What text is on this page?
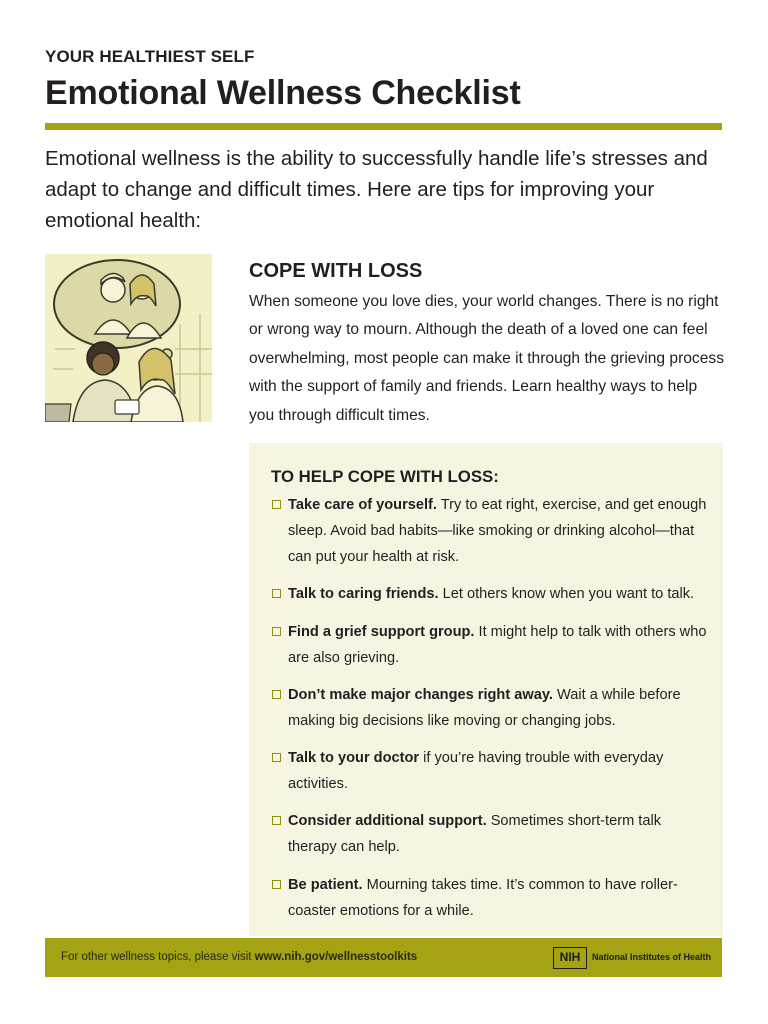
YOUR HEALTHIEST SELF
Emotional Wellness Checklist

Emotional wellness is the ability to successfully handle life’s stresses and adapt to change and difficult times. Here are tips for improving your emotional health:

COPE WITH LOSS

When someone you love dies, your world changes. There is no right or wrong way to mourn. Although the death of a loved one can feel overwhelming, most people can make it through the grieving process with the support of family and friends. Learn healthy ways to help you through difficult times.

TO HELP COPE WITH LOSS:
Take care of yourself. Try to eat right, exercise, and get enough sleep. Avoid bad habits—like smoking or drinking alcohol—that can put your health at risk.
Talk to caring friends. Let others know when you want to talk.
Find a grief support group. It might help to talk with others who are also grieving.
Don’t make major changes right away. Wait a while before making big decisions like moving or changing jobs.
Talk to your doctor if you’re having trouble with everyday activities.
Consider additional support. Sometimes short-term talk therapy can help.
Be patient. Mourning takes time. It’s common to have roller-coaster emotions for a while.
For other wellness topics, please visit www.nih.gov/wellnesstoolkits	NIH	National Institutes of Health
